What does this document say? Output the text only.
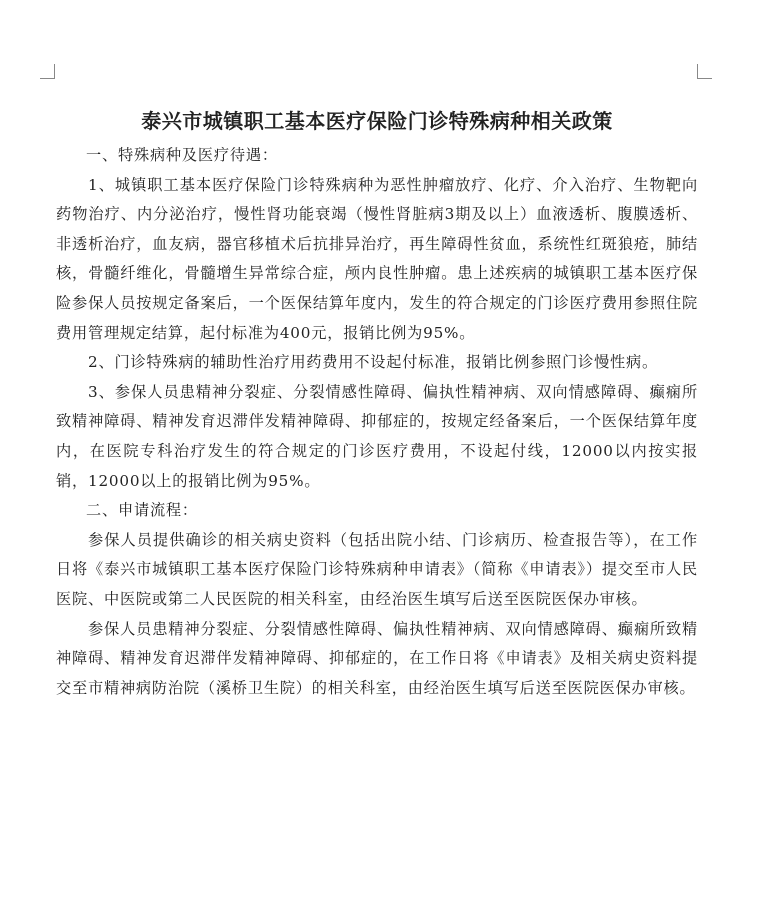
泰兴市城镇职工基本医疗保险门诊特殊病种相关政策

一、特殊病种及医疗待遇：

1、城镇职工基本医疗保险门诊特殊病种为恶性肿瘤放疗、化疗、介入治疗、生物靶向药物治疗、内分泌治疗，慢性肾功能衰竭（慢性肾脏病3期及以上）血液透析、腹膜透析、非透析治疗，血友病，器官移植术后抗排异治疗，再生障碍性贫血，系统性红斑狼疮，肺结核，骨髓纤维化，骨髓增生异常综合症，颅内良性肿瘤。患上述疾病的城镇职工基本医疗保险参保人员按规定备案后，一个医保结算年度内，发生的符合规定的门诊医疗费用参照住院费用管理规定结算，起付标准为400元，报销比例为95%。

2、门诊特殊病的辅助性治疗用药费用不设起付标准，报销比例参照门诊慢性病。

3、参保人员患精神分裂症、分裂情感性障碍、偏执性精神病、双向情感障碍、癫痫所致精神障碍、精神发育迟滞伴发精神障碍、抑郁症的，按规定经备案后，一个医保结算年度内，在医院专科治疗发生的符合规定的门诊医疗费用，不设起付线，12000以内按实报销，12000以上的报销比例为95%。

二、申请流程：

参保人员提供确诊的相关病史资料（包括出院小结、门诊病历、检查报告等），在工作日将《泰兴市城镇职工基本医疗保险门诊特殊病种申请表》（简称《申请表》）提交至市人民医院、中医院或第二人民医院的相关科室，由经治医生填写后送至医院医保办审核。

参保人员患精神分裂症、分裂情感性障碍、偏执性精神病、双向情感障碍、癫痫所致精神障碍、精神发育迟滞伴发精神障碍、抑郁症的，在工作日将《申请表》及相关病史资料提交至市精神病防治院（溪桥卫生院）的相关科室，由经治医生填写后送至医院医保办审核。
